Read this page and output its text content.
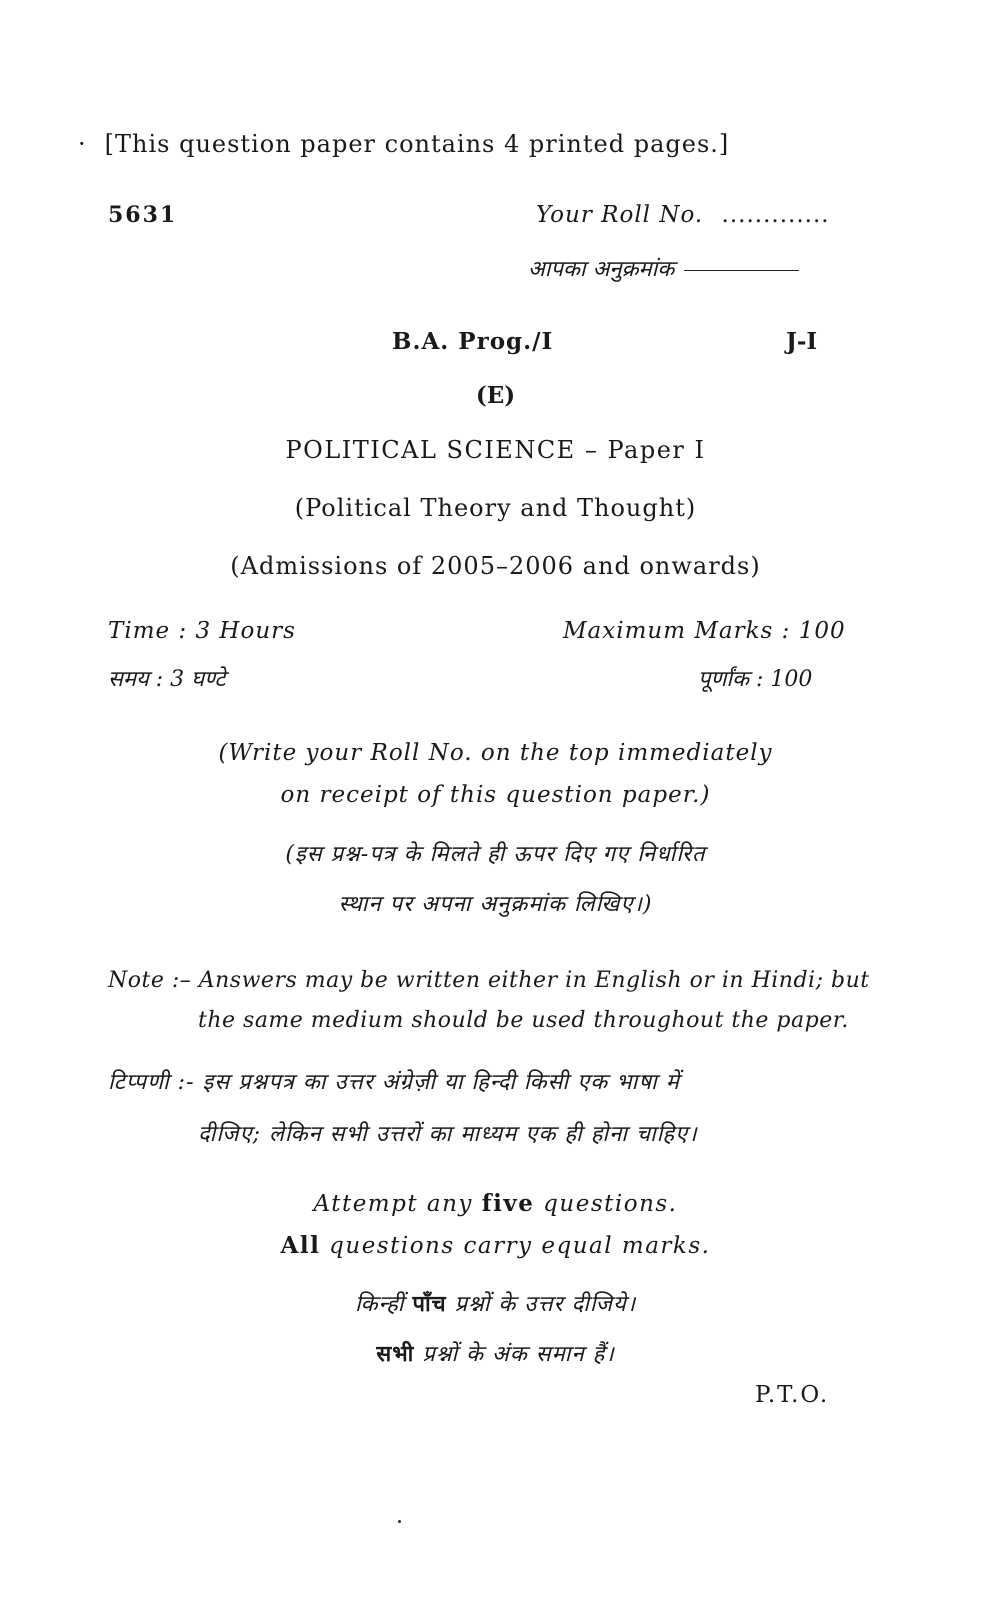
· [This question paper contains 4 printed pages.]
5631	Your Roll No. .............
आपका अनुक्रमांक
B.A. Prog./I	J-I
(E)
POLITICAL SCIENCE – Paper I
(Political Theory and Thought)
(Admissions of 2005–2006 and onwards)
Time : 3 Hours	Maximum Marks : 100
समय : 3 घण्टे	पूर्णांक : 100
(Write your Roll No. on the top immediately
on receipt of this question paper.)
(इस प्रश्न-पत्र के मिलते ही ऊपर दिए गए निर्धारित
स्थान पर अपना अनुक्रमांक लिखिए।)
Note :– Answers may be written either in English or in Hindi; but
the same medium should be used throughout the paper.
टिप्पणी :- इस प्रश्नपत्र का उत्तर अंग्रेज़ी या हिन्दी किसी एक भाषा में
दीजिए; लेकिन सभी उत्तरों का माध्यम एक ही होना चाहिए।
Attempt any five questions.
All questions carry equal marks.
किन्हीं पाँच प्रश्नों के उत्तर दीजिये।
सभी प्रश्नों के अंक समान हैं।
P.T.O.
